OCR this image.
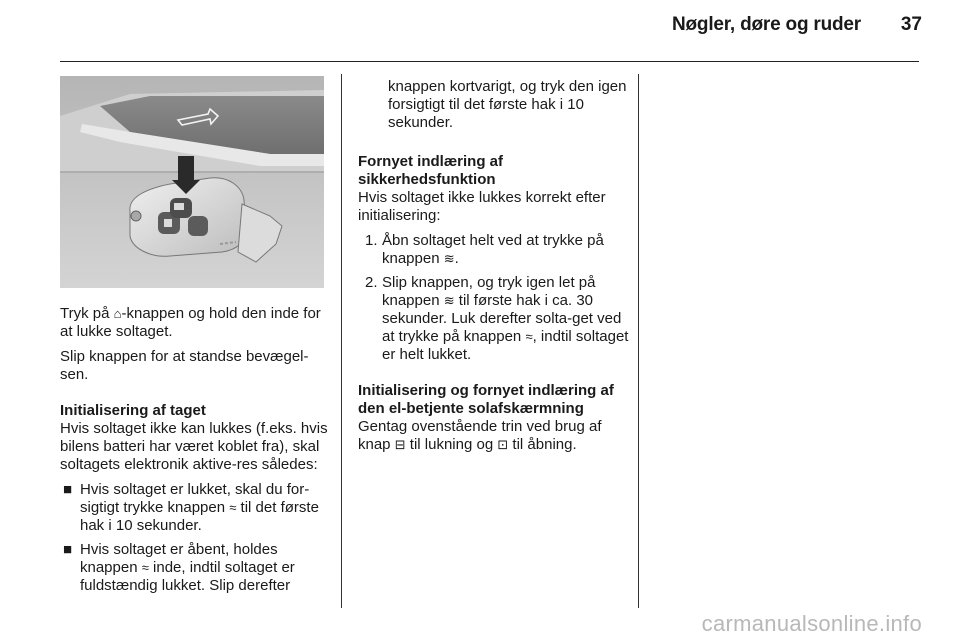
Nøgler, døre og ruder 37

Tryk på ⌂-knappen og hold den inde for at lukke soltaget.

Slip knappen for at standse bevægel-sen.

Initialisering af taget

Hvis soltaget ikke kan lukkes (f.eks. hvis bilens batteri har været koblet fra), skal soltagets elektronik aktive-res således:

■ Hvis soltaget er lukket, skal du for-sigtigt trykke knappen ≈ til det første hak i 10 sekunder.
■ Hvis soltaget er åbent, holdes knappen ≈ inde, indtil soltaget er fuldstændig lukket. Slip derefter

knappen kortvarigt, og tryk den igen forsigtigt til det første hak i 10 sekunder.

Fornyet indlæring af

sikkerhedsfunktion

Hvis soltaget ikke lukkes korrekt efter initialisering:

1. Åbn soltaget helt ved at trykke på knappen ≋.
2. Slip knappen, og tryk igen let på knappen ≋ til første hak i ca. 30 sekunder. Luk derefter solta-get ved at trykke på knappen ≈, indtil soltaget er helt lukket.

Initialisering og fornyet indlæring af

den el-betjente solafskærmning

Gentag ovenstående trin ved brug af knap ⊟ til lukning og ⊡ til åbning.

carmanualsonline.info
